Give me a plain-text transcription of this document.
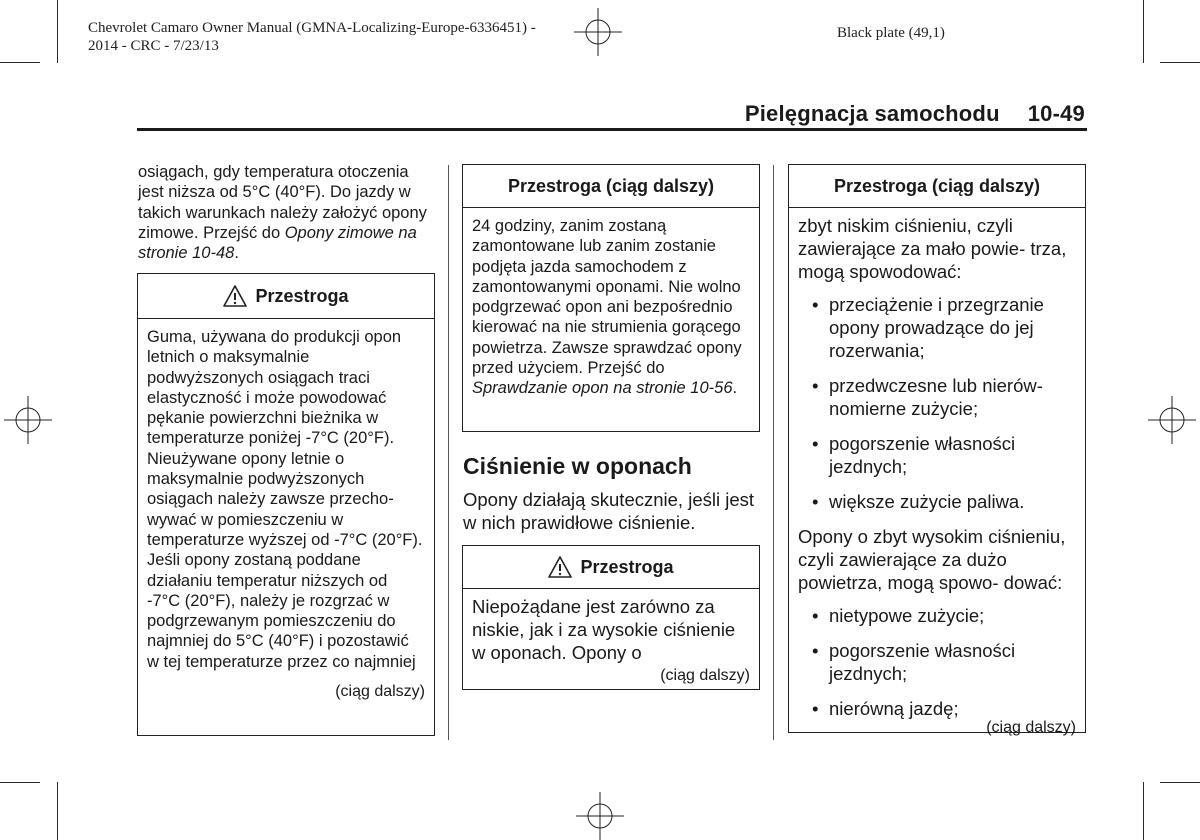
Chevrolet Camaro Owner Manual (GMNA-Localizing-Europe-6336451) -
2014 - CRC - 7/23/13
Black plate (49,1)
Pielęgnacja samochodu 10-49
osiągach, gdy temperatura otoczenia jest niższa od 5°C (40°F). Do jazdy w takich warunkach należy założyć opony zimowe. Przejść do Opony zimowe na stronie 10-48.
Przestroga
Guma, używana do produkcji opon letnich o maksymalnie podwyższonych osiągach traci elastyczność i może powodować pękanie powierzchni bieżnika w temperaturze poniżej -7°C (20°F). Nieużywane opony letnie o maksymalnie podwyższonych osiągach należy zawsze przecho- wywać w pomieszczeniu w temperaturze wyższej od -7°C (20°F). Jeśli opony zostaną poddane działaniu temperatur niższych od -7°C (20°F), należy je rozgrzać w podgrzewanym pomieszczeniu do najmniej do 5°C (40°F) i pozostawić w tej temperaturze przez co najmniej
(ciąg dalszy)
Przestroga (ciąg dalszy)
24 godziny, zanim zostaną zamontowane lub zanim zostanie podjęta jazda samochodem z zamontowanymi oponami. Nie wolno podgrzewać opon ani bezpośrednio kierować na nie strumienia gorącego powietrza. Zawsze sprawdzać opony przed użyciem. Przejść do Sprawdzanie opon na stronie 10-56.
Ciśnienie w oponach
Opony działają skutecznie, jeśli jest w nich prawidłowe ciśnienie.
Przestroga
Niepożądane jest zarówno za niskie, jak i za wysokie ciśnienie w oponach. Opony o
(ciąg dalszy)
Przestroga (ciąg dalszy)
zbyt niskim ciśnieniu, czyli zawierające za mało powie- trza, mogą spowodować:
• przeciążenie i przegrzanie opony prowadzące do jej rozerwania;
• przedwczesne lub nierów- nomierne zużycie;
• pogorszenie własności jezdnych;
• większe zużycie paliwa.
Opony o zbyt wysokim ciśnieniu, czyli zawierające za dużo powietrza, mogą spowo- dować:
• nietypowe zużycie;
• pogorszenie własności jezdnych;
• nierówną jazdę;
(ciąg dalszy)
